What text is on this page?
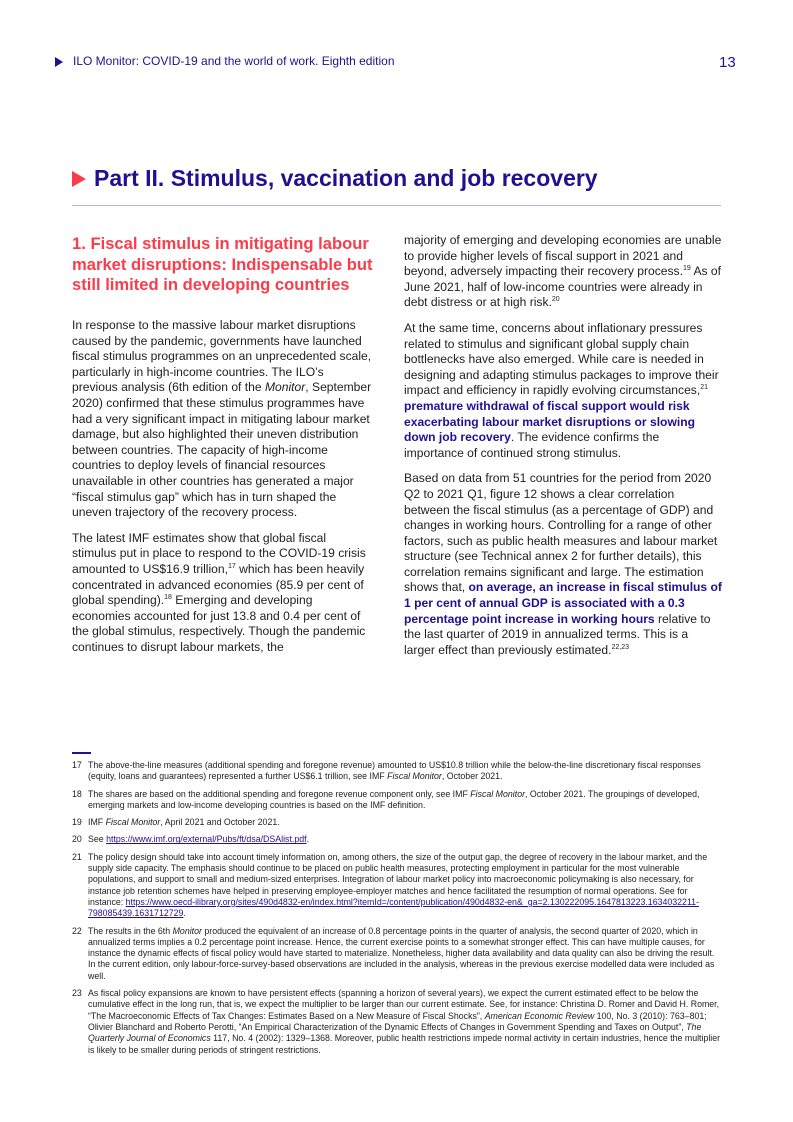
ILO Monitor: COVID-19 and the world of work. Eighth edition	13
Part II. Stimulus, vaccination and job recovery
1. Fiscal stimulus in mitigating labour market disruptions: Indispensable but still limited in developing countries

In response to the massive labour market disruptions caused by the pandemic, governments have launched fiscal stimulus programmes on an unprecedented scale, particularly in high-income countries. The ILO’s previous analysis (6th edition of the Monitor, September 2020) confirmed that these stimulus programmes have had a very significant impact in mitigating labour market damage, but also highlighted their uneven distribution between countries. The capacity of high-income countries to deploy levels of financial resources unavailable in other countries has generated a major “fiscal stimulus gap” which has in turn shaped the uneven trajectory of the recovery process.

The latest IMF estimates show that global fiscal stimulus put in place to respond to the COVID-19 crisis amounted to US$16.9 trillion,$^{17}$ which has been heavily concentrated in advanced economies (85.9 per cent of global spending).$^{18}$ Emerging and developing economies accounted for just 13.8 and 0.4 per cent of the global stimulus, respectively. Though the pandemic continues to disrupt labour markets, the

majority of emerging and developing economies are unable to provide higher levels of fiscal support in 2021 and beyond, adversely impacting their recovery process.$^{19}$ As of June 2021, half of low-income countries were already in debt distress or at high risk.$^{20}$

At the same time, concerns about inflationary pressures related to stimulus and significant global supply chain bottlenecks have also emerged. While care is needed in designing and adapting stimulus packages to improve their impact and efficiency in rapidly evolving circumstances,$^{21}$ premature withdrawal of fiscal support would risk exacerbating labour market disruptions or slowing down job recovery. The evidence confirms the importance of continued strong stimulus.

Based on data from 51 countries for the period from 2020 Q2 to 2021 Q1, figure 12 shows a clear correlation between the fiscal stimulus (as a percentage of GDP) and changes in working hours. Controlling for a range of other factors, such as public health measures and labour market structure (see Technical annex 2 for further details), this correlation remains significant and large. The estimation shows that, on average, an increase in fiscal stimulus of 1 per cent of annual GDP is associated with a 0.3 percentage point increase in working hours relative to the last quarter of 2019 in annualized terms. This is a larger effect than previously estimated.$^{22,23}$

17 The above-the-line measures (additional spending and foregone revenue) amounted to US$10.8 trillion while the below-the-line discretionary fiscal responses (equity, loans and guarantees) represented a further US$6.1 trillion, see IMF Fiscal Monitor, October 2021.
18 The shares are based on the additional spending and foregone revenue component only, see IMF Fiscal Monitor, October 2021. The groupings of developed, emerging markets and low-income developing countries is based on the IMF definition.
19 IMF Fiscal Monitor, April 2021 and October 2021.
20 See https://www.imf.org/external/Pubs/ft/dsa/DSAlist.pdf.
21 The policy design should take into account timely information on, among others, the size of the output gap, the degree of recovery in the labour market, and the supply side capacity. The emphasis should continue to be placed on public health measures, protecting employment in particular for the most vulnerable populations, and support to small and medium-sized enterprises. Integration of labour market policy into macroeconomic policymaking is also necessary, for instance job retention schemes have helped in preserving employee-employer matches and hence facilitated the resumption of normal operations. See for instance: https://www.oecd-ilibrary.org/sites/490d4832-en/index.html?itemId=/content/publication/490d4832-en&_ga=2.130222095.1647813223.1634032211-798085439.1631712729.
22 The results in the 6th Monitor produced the equivalent of an increase of 0.8 percentage points in the quarter of analysis, the second quarter of 2020, which in annualized terms implies a 0.2 percentage point increase. Hence, the current exercise points to a somewhat stronger effect. This can have multiple causes, for instance the dynamic effects of fiscal policy would have started to materialize. Nonetheless, higher data availability and data quality can also be driving the result. In the current edition, only labour-force-survey-based observations are included in the analysis, whereas in the previous exercise modelled data were included as well.
23 As fiscal policy expansions are known to have persistent effects (spanning a horizon of several years), we expect the current estimated effect to be below the cumulative effect in the long run, that is, we expect the multiplier to be larger than our current estimate. See, for instance: Christina D. Romer and David H. Romer, “The Macroeconomic Effects of Tax Changes: Estimates Based on a New Measure of Fiscal Shocks”, American Economic Review 100, No. 3 (2010): 763–801; Olivier Blanchard and Roberto Perotti, “An Empirical Characterization of the Dynamic Effects of Changes in Government Spending and Taxes on Output”, The Quarterly Journal of Economics 117, No. 4 (2002): 1329–1368. Moreover, public health restrictions impede normal activity in certain industries, hence the multiplier is likely to be smaller during periods of stringent restrictions.
